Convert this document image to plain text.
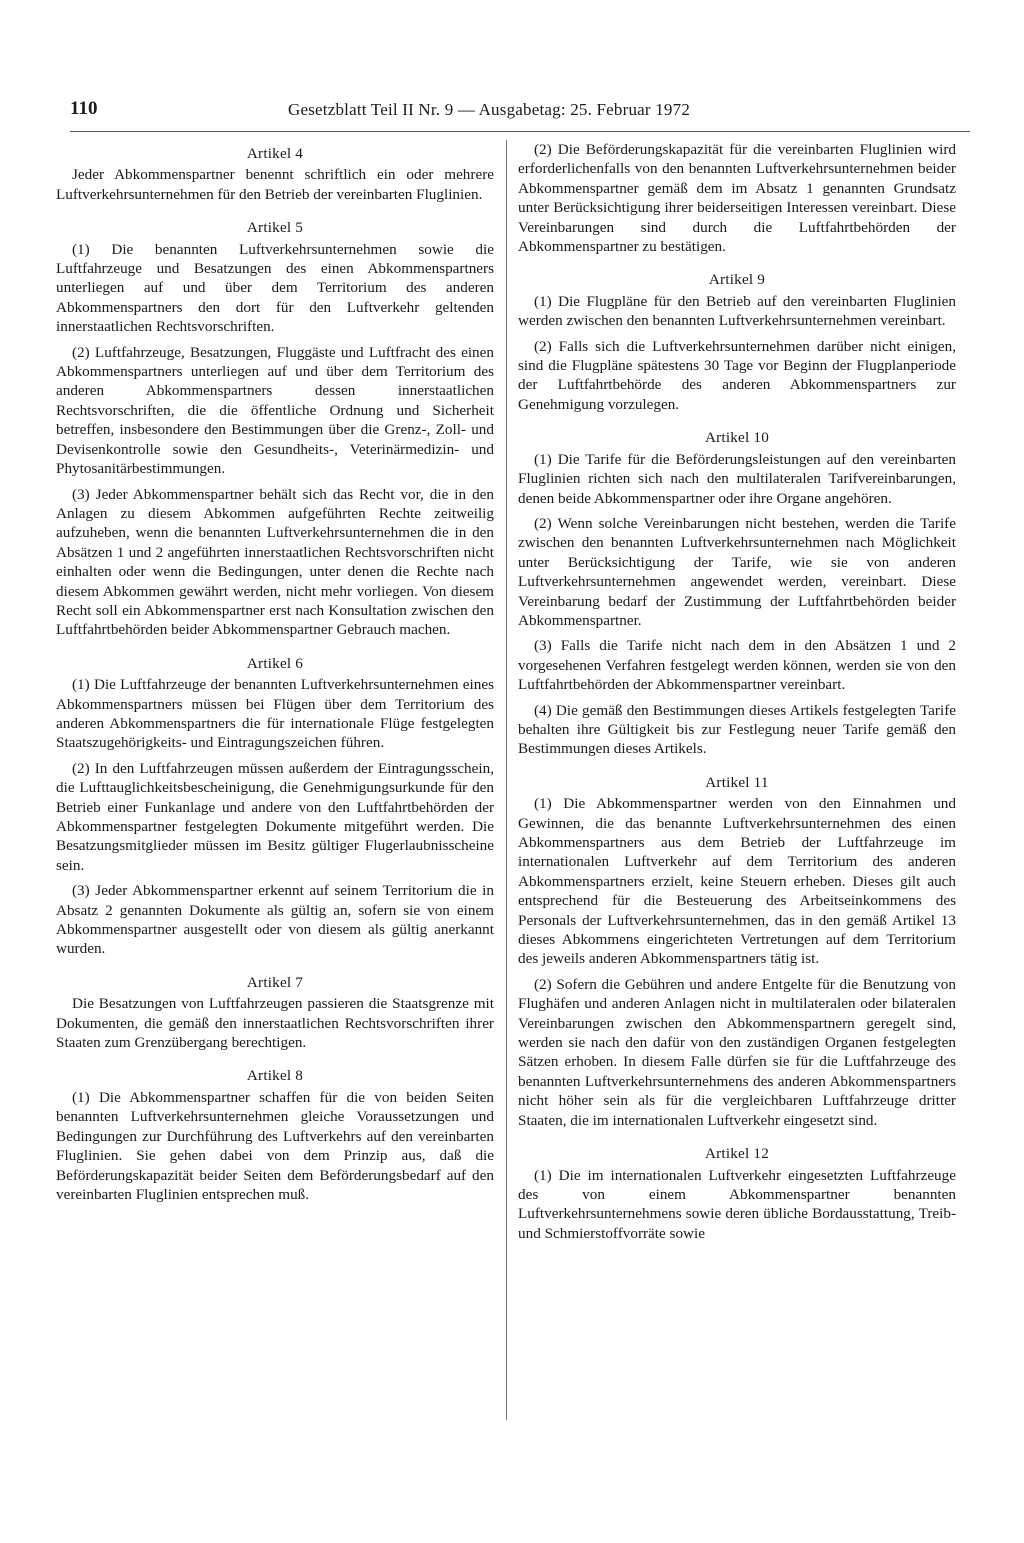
110	Gesetzblatt Teil II Nr. 9 — Ausgabetag: 25. Februar 1972
Artikel 4

Jeder Abkommenspartner benennt schriftlich ein oder mehrere Luftverkehrsunternehmen für den Betrieb der vereinbarten Fluglinien.

Artikel 5

(1) Die benannten Luftverkehrsunternehmen sowie die Luftfahrzeuge und Besatzungen des einen Abkommenspartners unterliegen auf und über dem Territorium des anderen Abkommenspartners den dort für den Luftverkehr geltenden innerstaatlichen Rechtsvorschriften.

(2) Luftfahrzeuge, Besatzungen, Fluggäste und Luftfracht des einen Abkommenspartners unterliegen auf und über dem Territorium des anderen Abkommenspartners dessen innerstaatlichen Rechtsvorschriften, die die öffentliche Ordnung und Sicherheit betreffen, insbesondere den Bestimmungen über die Grenz-, Zoll- und Devisenkontrolle sowie den Gesundheits-, Veterinärmedizin- und Phytosanitärbestimmungen.

(3) Jeder Abkommenspartner behält sich das Recht vor, die in den Anlagen zu diesem Abkommen aufgeführten Rechte zeitweilig aufzuheben, wenn die benannten Luftverkehrsunternehmen die in den Absätzen 1 und 2 angeführten innerstaatlichen Rechtsvorschriften nicht einhalten oder wenn die Bedingungen, unter denen die Rechte nach diesem Abkommen gewährt werden, nicht mehr vorliegen. Von diesem Recht soll ein Abkommenspartner erst nach Konsultation zwischen den Luftfahrtbehörden beider Abkommenspartner Gebrauch machen.

Artikel 6

(1) Die Luftfahrzeuge der benannten Luftverkehrsunternehmen eines Abkommenspartners müssen bei Flügen über dem Territorium des anderen Abkommenspartners die für internationale Flüge festgelegten Staatszugehörigkeits- und Eintragungszeichen führen.

(2) In den Luftfahrzeugen müssen außerdem der Eintragungsschein, die Lufttauglichkeitsbescheinigung, die Genehmigungsurkunde für den Betrieb einer Funkanlage und andere von den Luftfahrtbehörden der Abkommenspartner festgelegten Dokumente mitgeführt werden. Die Besatzungsmitglieder müssen im Besitz gültiger Flugerlaubnisscheine sein.

(3) Jeder Abkommenspartner erkennt auf seinem Territorium die in Absatz 2 genannten Dokumente als gültig an, sofern sie von einem Abkommenspartner ausgestellt oder von diesem als gültig anerkannt wurden.

Artikel 7

Die Besatzungen von Luftfahrzeugen passieren die Staatsgrenze mit Dokumenten, die gemäß den innerstaatlichen Rechtsvorschriften ihrer Staaten zum Grenzübergang berechtigen.

Artikel 8

(1) Die Abkommenspartner schaffen für die von beiden Seiten benannten Luftverkehrsunternehmen gleiche Voraussetzungen und Bedingungen zur Durchführung des Luftverkehrs auf den vereinbarten Fluglinien. Sie gehen dabei von dem Prinzip aus, daß die Beförderungskapazität beider Seiten dem Beförderungsbedarf auf den vereinbarten Fluglinien entsprechen muß.

(2) Die Beförderungskapazität für die vereinbarten Fluglinien wird erforderlichenfalls von den benannten Luftverkehrsunternehmen beider Abkommenspartner gemäß dem im Absatz 1 genannten Grundsatz unter Berücksichtigung ihrer beiderseitigen Interessen vereinbart. Diese Vereinbarungen sind durch die Luftfahrtbehörden der Abkommenspartner zu bestätigen.

Artikel 9

(1) Die Flugpläne für den Betrieb auf den vereinbarten Fluglinien werden zwischen den benannten Luftverkehrsunternehmen vereinbart.

(2) Falls sich die Luftverkehrsunternehmen darüber nicht einigen, sind die Flugpläne spätestens 30 Tage vor Beginn der Flugplanperiode der Luftfahrtbehörde des anderen Abkommenspartners zur Genehmigung vorzulegen.

Artikel 10

(1) Die Tarife für die Beförderungsleistungen auf den vereinbarten Fluglinien richten sich nach den multilateralen Tarifvereinbarungen, denen beide Abkommenspartner oder ihre Organe angehören.

(2) Wenn solche Vereinbarungen nicht bestehen, werden die Tarife zwischen den benannten Luftverkehrsunternehmen nach Möglichkeit unter Berücksichtigung der Tarife, wie sie von anderen Luftverkehrsunternehmen angewendet werden, vereinbart. Diese Vereinbarung bedarf der Zustimmung der Luftfahrtbehörden beider Abkommenspartner.

(3) Falls die Tarife nicht nach dem in den Absätzen 1 und 2 vorgesehenen Verfahren festgelegt werden können, werden sie von den Luftfahrtbehörden der Abkommenspartner vereinbart.

(4) Die gemäß den Bestimmungen dieses Artikels festgelegten Tarife behalten ihre Gültigkeit bis zur Festlegung neuer Tarife gemäß den Bestimmungen dieses Artikels.

Artikel 11

(1) Die Abkommenspartner werden von den Einnahmen und Gewinnen, die das benannte Luftverkehrsunternehmen des einen Abkommenspartners aus dem Betrieb der Luftfahrzeuge im internationalen Luftverkehr auf dem Territorium des anderen Abkommenspartners erzielt, keine Steuern erheben. Dieses gilt auch entsprechend für die Besteuerung des Arbeitseinkommens des Personals der Luftverkehrsunternehmen, das in den gemäß Artikel 13 dieses Abkommens eingerichteten Vertretungen auf dem Territorium des jeweils anderen Abkommenspartners tätig ist.

(2) Sofern die Gebühren und andere Entgelte für die Benutzung von Flughäfen und anderen Anlagen nicht in multilateralen oder bilateralen Vereinbarungen zwischen den Abkommenspartnern geregelt sind, werden sie nach den dafür von den zuständigen Organen festgelegten Sätzen erhoben. In diesem Falle dürfen sie für die Luftfahrzeuge des benannten Luftverkehrsunternehmens des anderen Abkommenspartners nicht höher sein als für die vergleichbaren Luftfahrzeuge dritter Staaten, die im internationalen Luftverkehr eingesetzt sind.

Artikel 12

(1) Die im internationalen Luftverkehr eingesetzten Luftfahrzeuge des von einem Abkommenspartner benannten Luftverkehrsunternehmens sowie deren übliche Bordausstattung, Treib- und Schmierstoffvorräte sowie
